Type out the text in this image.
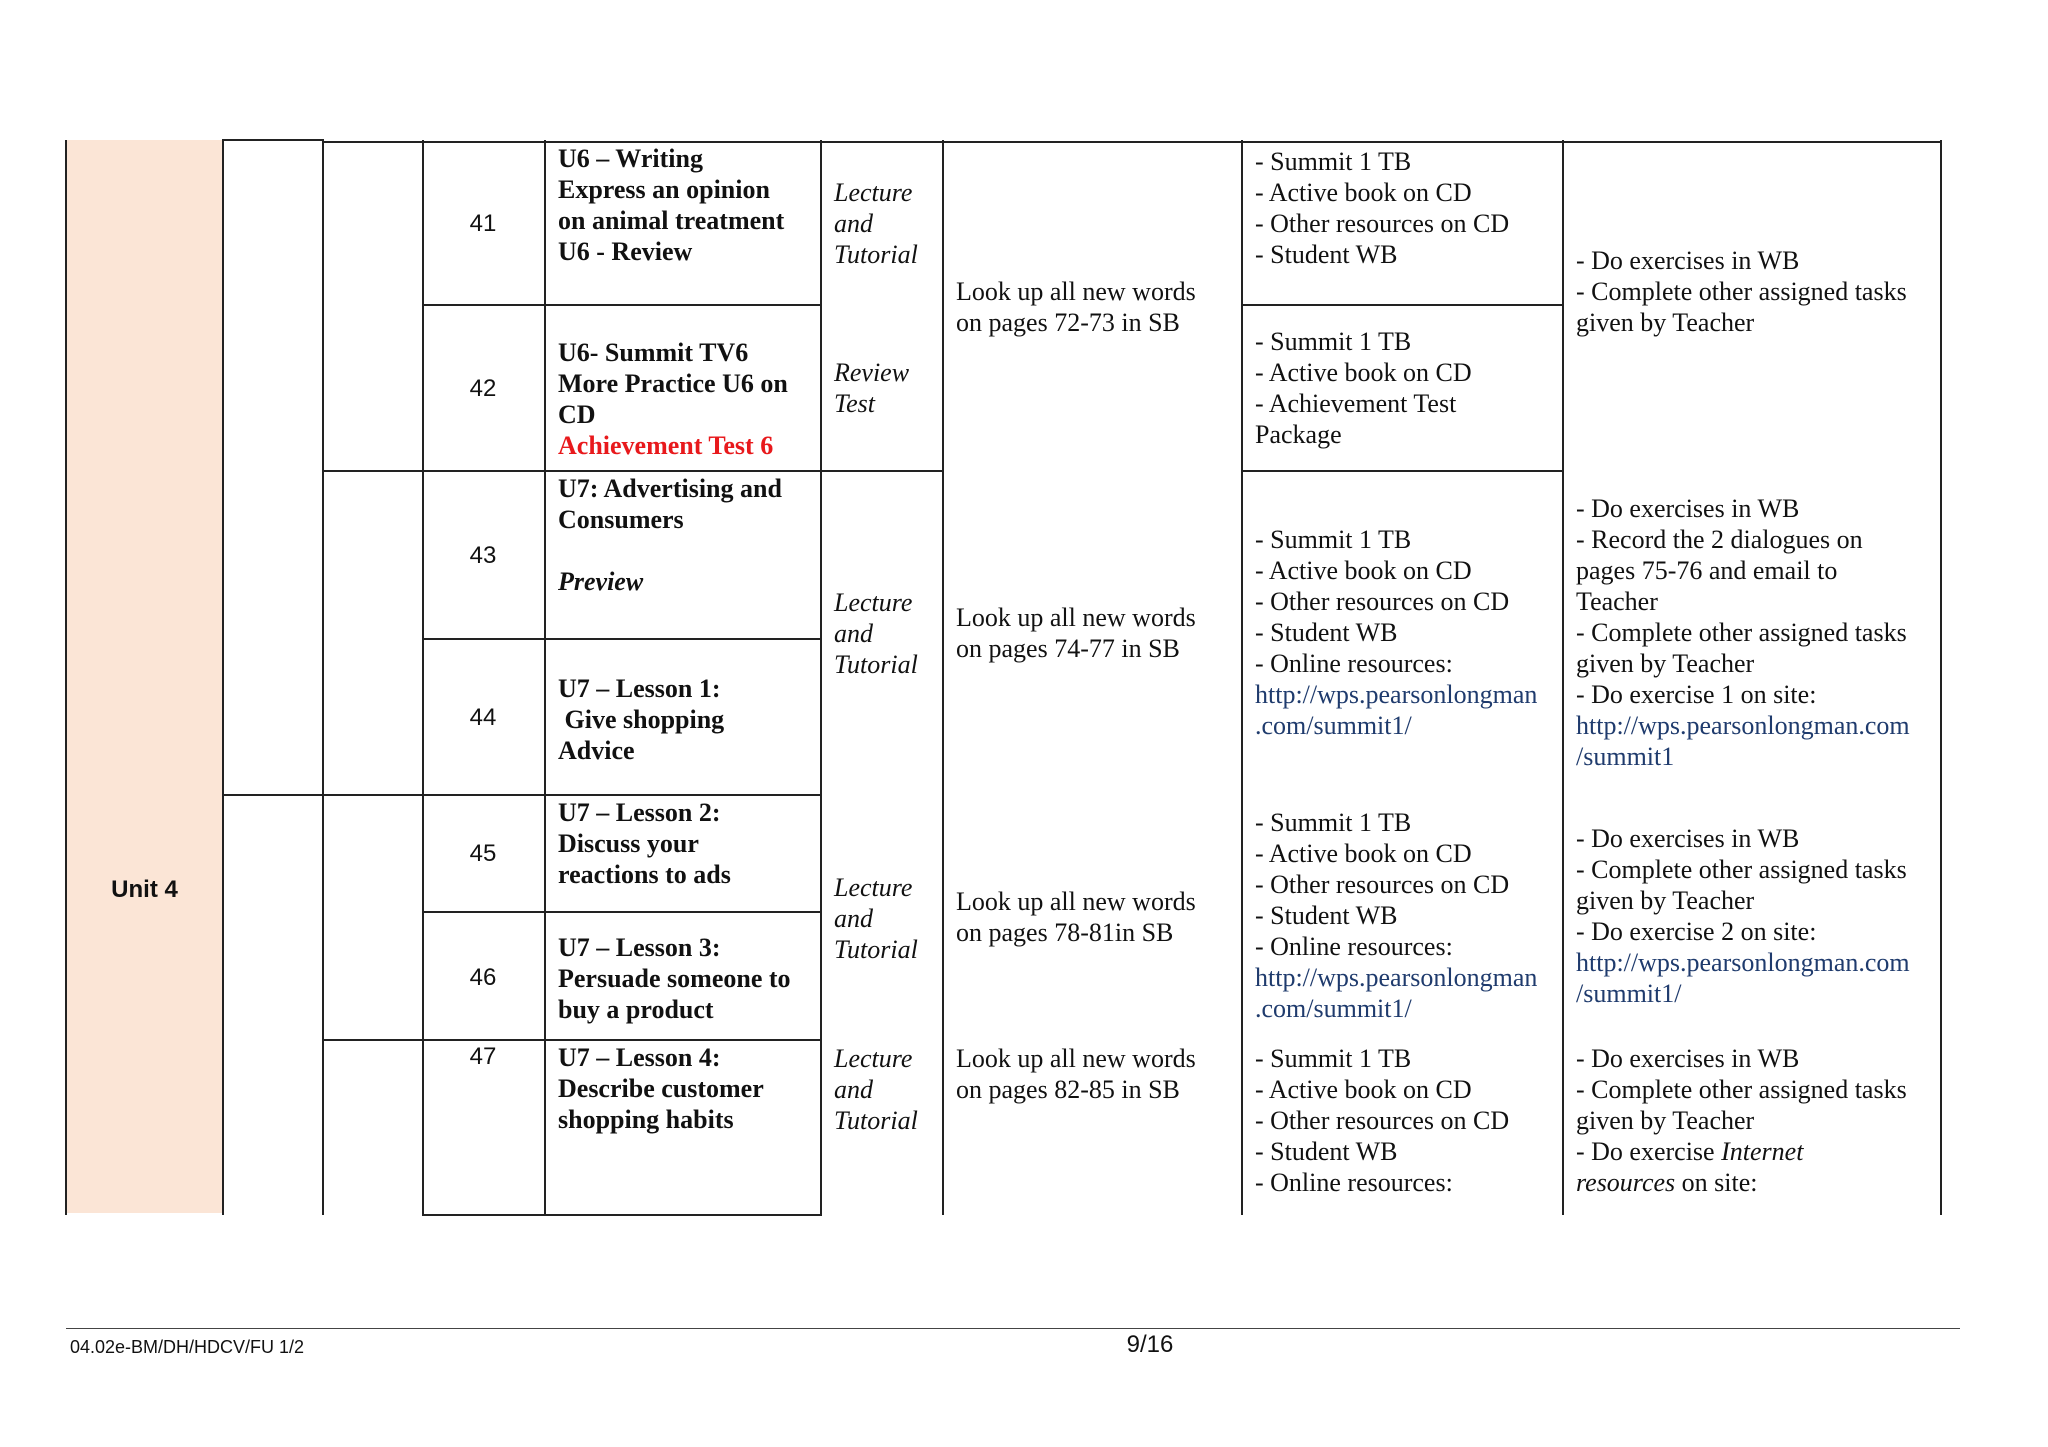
Unit 4
41
42
43
44
45
46
47
U6 – Writing
Express an opinion
on animal treatment
U6 - Review
U6- Summit TV6
More Practice U6 on
CD
Achievement Test 6
U7: Advertising and
Consumers

Preview
U7 – Lesson 1:
Give shopping
Advice
U7 – Lesson 2:
Discuss your
reactions to ads
U7 – Lesson 3:
Persuade someone to
buy a product
U7 – Lesson 4:
Describe customer
shopping habits
Lecture
and
Tutorial
Review
Test
Lecture
and
Tutorial
Lecture
and
Tutorial
Lecture
and
Tutorial
Look up all new words
on pages 72-73 in SB
Look up all new words
on pages 74-77 in SB
Look up all new words
on pages 78-81in SB
Look up all new words
on pages 82-85 in SB
- Summit 1 TB
- Active book on CD
- Other resources on CD
- Student WB
- Summit 1 TB
- Active book on CD
- Achievement Test
Package
- Summit 1 TB
- Active book on CD
- Other resources on CD
- Student WB
- Online resources:
http://wps.pearsonlongman
.com/summit1/
- Summit 1 TB
- Active book on CD
- Other resources on CD
- Student WB
- Online resources:
http://wps.pearsonlongman
.com/summit1/
- Summit 1 TB
- Active book on CD
- Other resources on CD
- Student WB
- Online resources:
- Do exercises in WB
- Complete other assigned tasks
given by Teacher
- Do exercises in WB
- Record the 2 dialogues on
pages 75-76 and email to
Teacher
- Complete other assigned tasks
given by Teacher
- Do exercise 1 on site:
http://wps.pearsonlongman.com
/summit1
- Do exercises in WB
- Complete other assigned tasks
given by Teacher
- Do exercise 2 on site:
http://wps.pearsonlongman.com
/summit1/
- Do exercises in WB
- Complete other assigned tasks
given by Teacher
- Do exercise Internet
resources on site:
04.02e-BM/DH/HDCV/FU 1/2	9/16
